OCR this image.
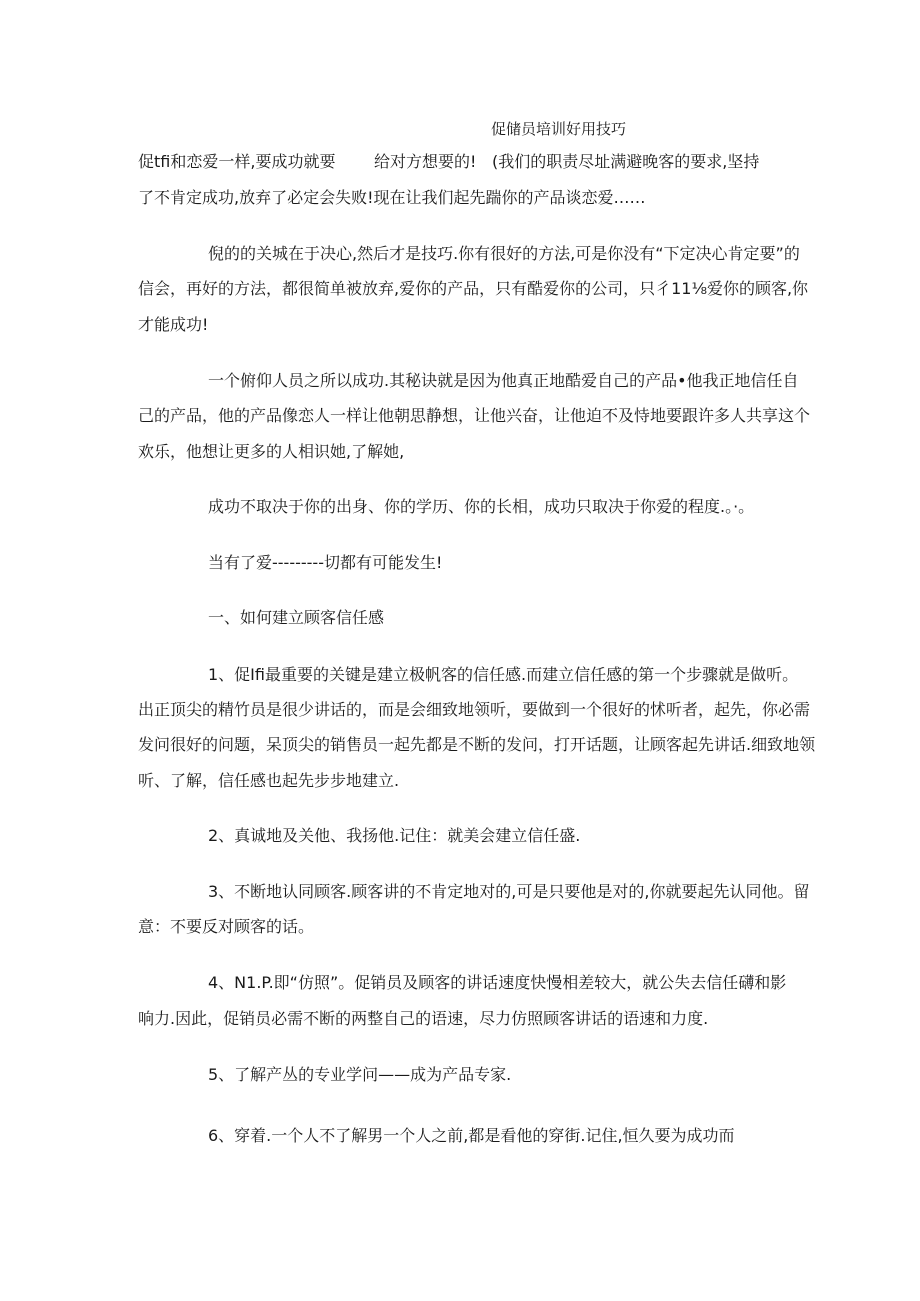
促储员培训好用技巧
促tfi和恋爱一样,要成功就要 给对方想要的! (我们的职责尽址满避晚客的要求,坚持
了不肯定成功,放弃了必定会失败!现在让我们起先踹你的产品谈恋爱……
倪的的关城在于决心,然后才是技巧.你有很好的方法,可是你没有“下定决心肯定要”的
信会，再好的方法，都很简单被放弃,爱你的产品，只有酷爱你的公司，只彳11⅛爱你的顾客,你
才能成功!
一个俯仰人员之所以成功.其秘诀就是因为他真正地酷爱自己的产品•他我正地信任自
己的产品，他的产品像恋人一样让他朝思静想，让他兴奋，让他迫不及恃地要跟许多人共享这个
欢乐，他想让更多的人相识她,了解她,
成功不取决于你的出身、你的学历、你的长相，成功只取决于你爱的程度.。·。
当有了爱---------切都有可能发生!
一、如何建立顾客信任感
1、促Ifi最重要的关键是建立极帆客的信任感.而建立信任感的第一个步骤就是做听。
出正顶尖的精竹员是很少讲话的，而是会细致地领听，要做到一个很好的怵听者，起先，你必需
发问很好的问题，呆顶尖的销售员一起先都是不断的发问，打开话题，让顾客起先讲话.细致地领
听、了解，信任感也起先步步地建立.
2、真诚地及关他、我扬他.记住：就美会建立信任盛.
3、不断地认同顾客.顾客讲的不肯定地对的,可是只要他是对的,你就要起先认同他。留
意：不要反对顾客的话。
4、N1.P.即“仿照”。促销员及顾客的讲话速度快慢相差较大，就公失去信任礴和影
响力.因此，促销员必需不断的两整自己的语速，尽力仿照顾客讲话的语速和力度.
5、了解产丛的专业学问——成为产品专家.
6、穿着.一个人不了解男一个人之前,都是看他的穿街.记住,恒久要为成功而
